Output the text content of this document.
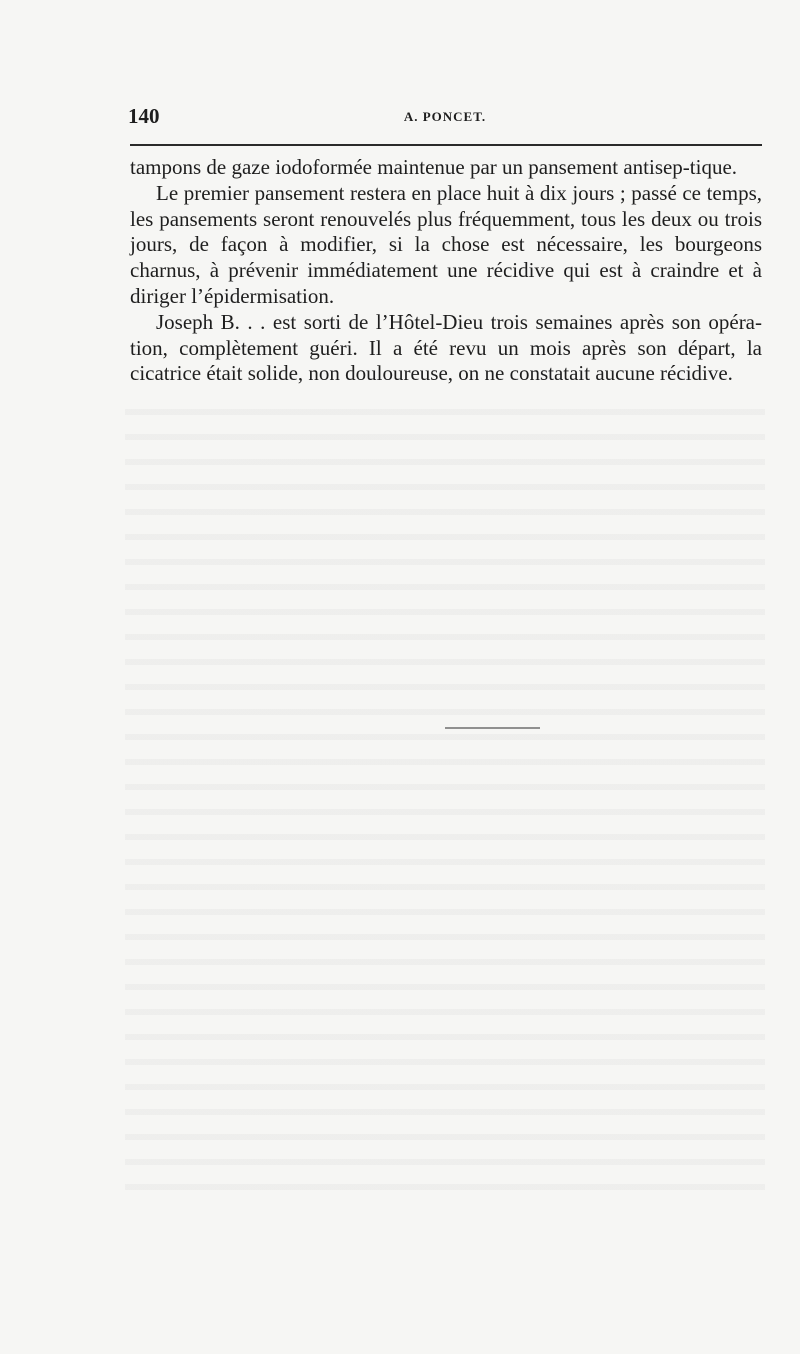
140	A. PONCET.

tampons de gaze iodoformée maintenue par un pansement antisep-tique.

Le premier pansement restera en place huit à dix jours ; passé ce temps, les pansements seront renouvelés plus fréquemment, tous les deux ou trois jours, de façon à modifier, si la chose est nécessaire, les bourgeons charnus, à prévenir immédiatement une récidive qui est à craindre et à diriger l’épidermisation.

Joseph B. . . est sorti de l’Hôtel-Dieu trois semaines après son opéra-tion, complètement guéri. Il a été revu un mois après son départ, la cicatrice était solide, non douloureuse, on ne constatait aucune récidive.
